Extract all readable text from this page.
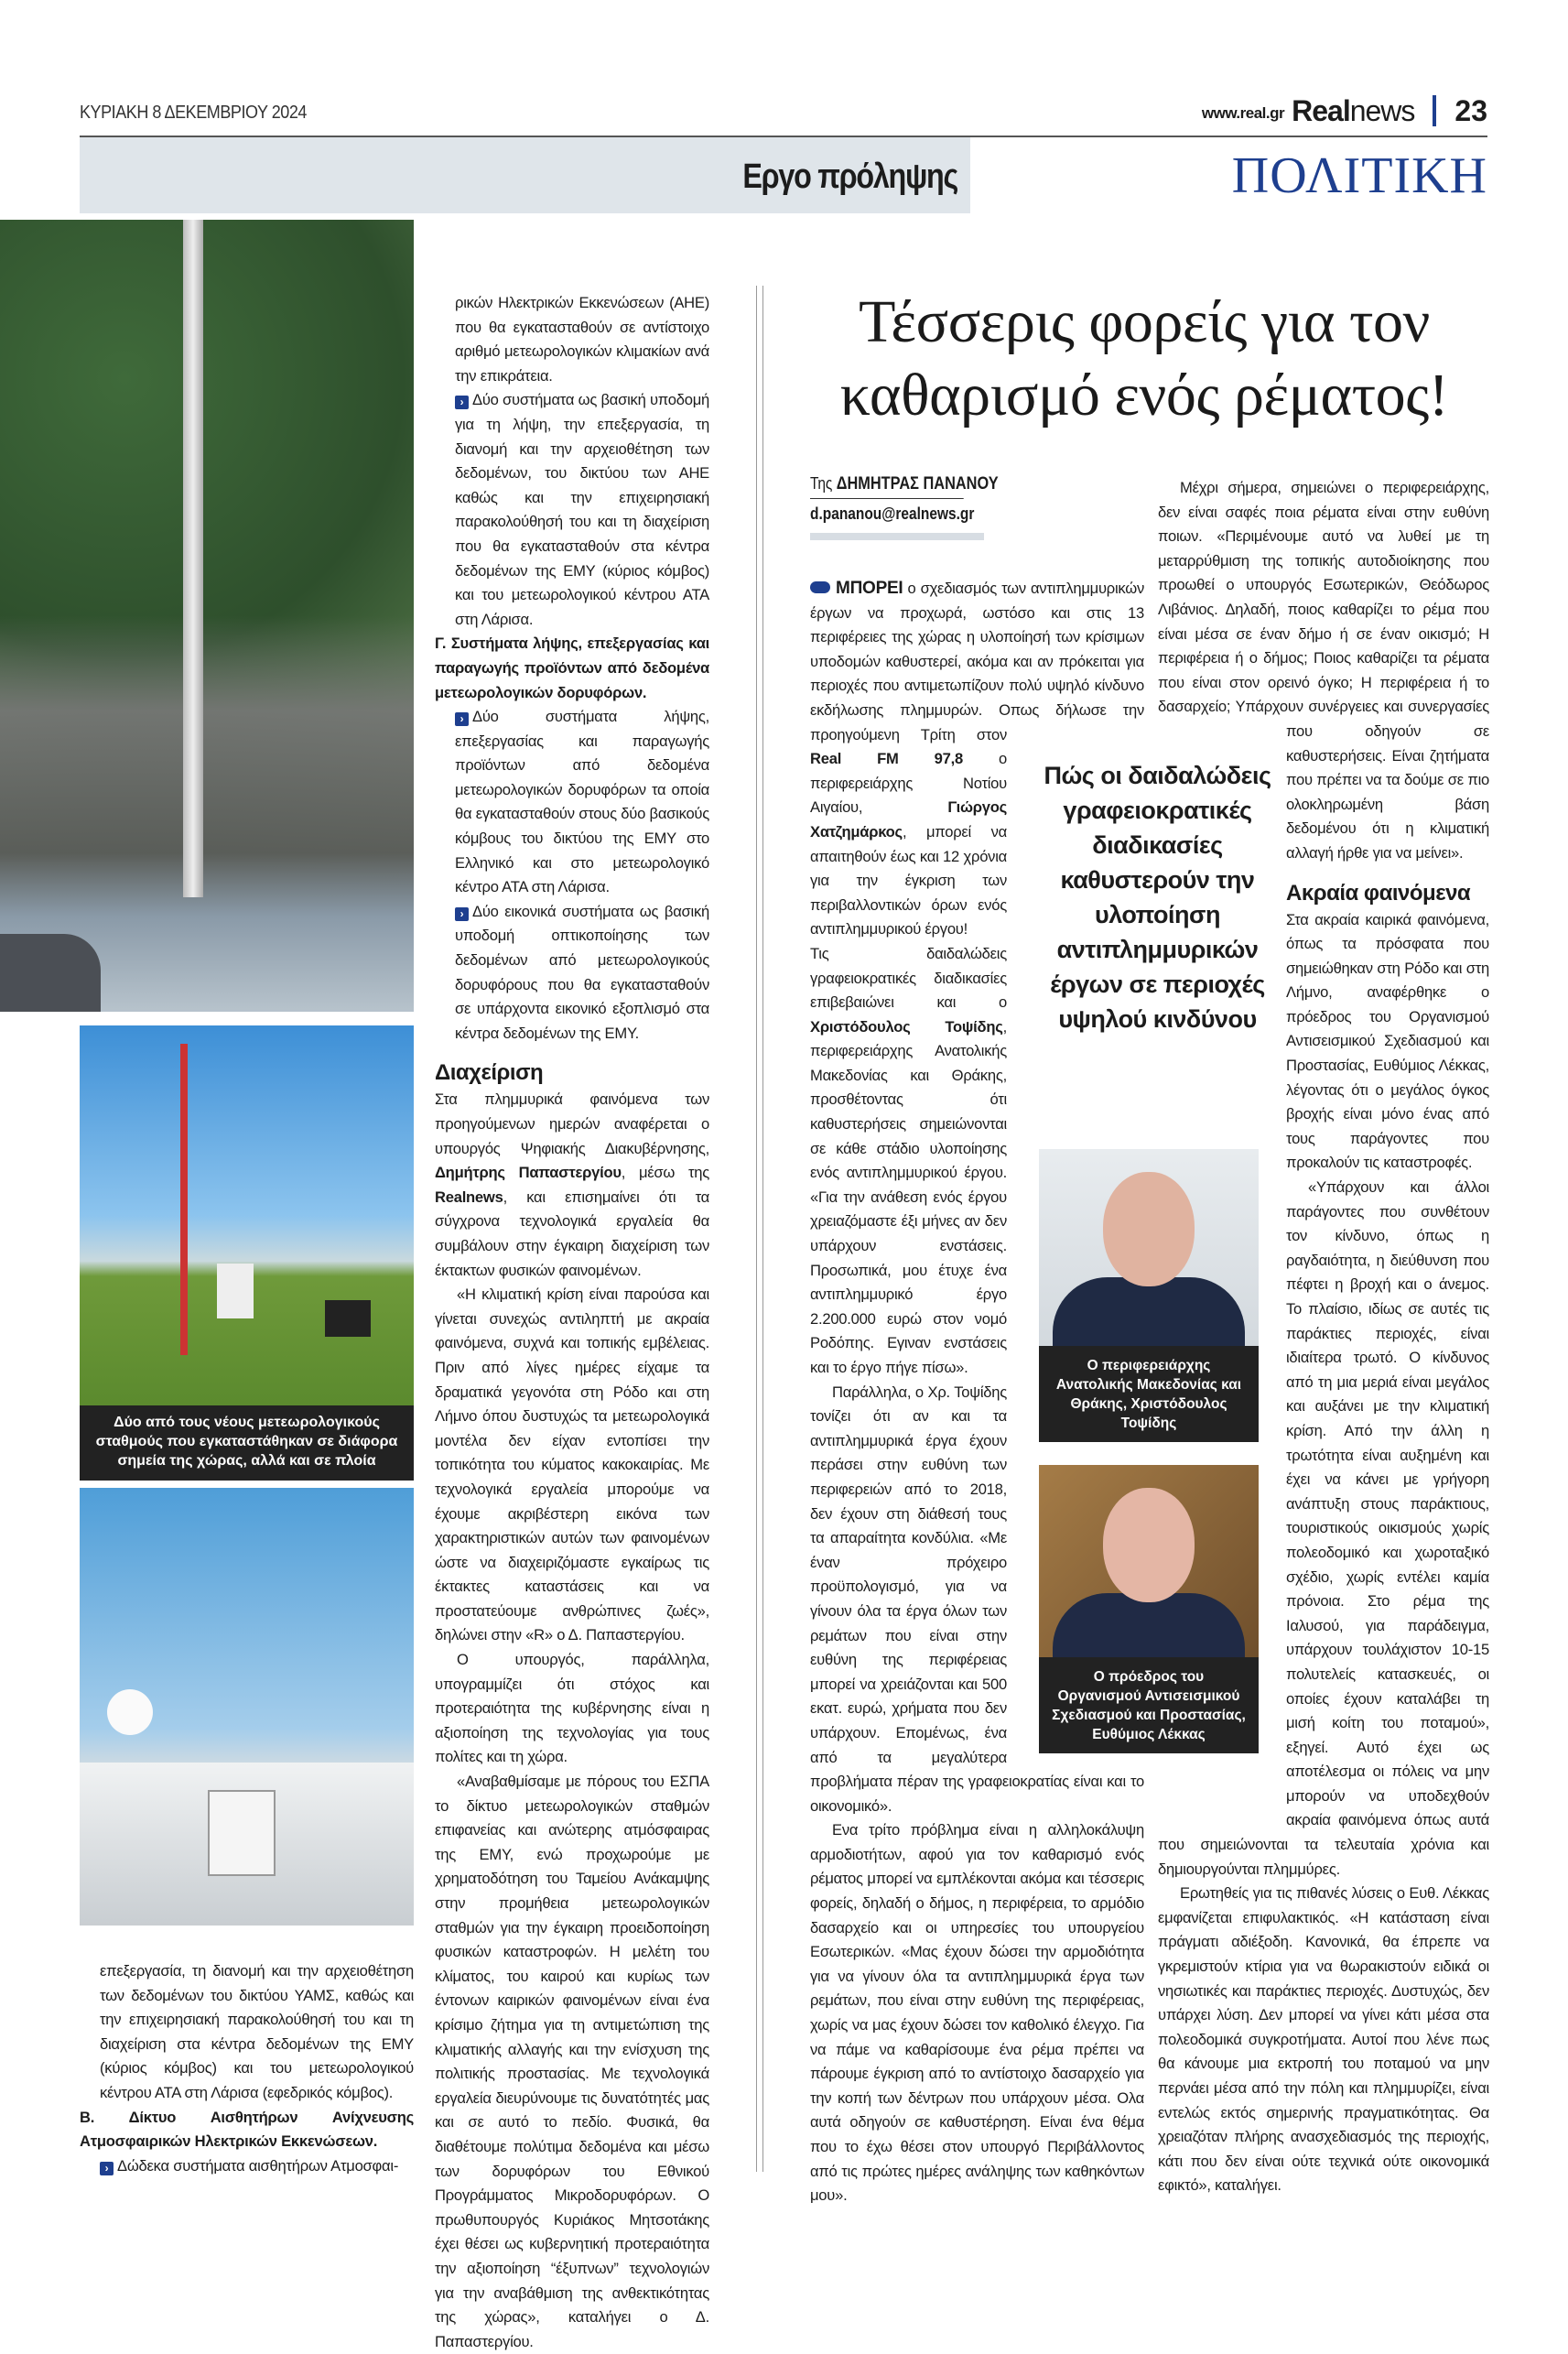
ΚΥΡΙΑΚΗ 8 ΔΕΚΕΜΒΡΙΟΥ 2024	www.real.gr Realnews 23
Εργο πρόληψης	ΠΟΛΙΤΙΚΗ
Δύο από τους νέους μετεωρολογικούς σταθμούς που εγκαταστάθηκαν σε διάφορα σημεία της χώρας, αλλά και σε πλοία

επεξεργασία, τη διανομή και την αρχειοθέτηση των δεδομένων του δικτύου ΥΑΜΣ, καθώς και την επιχειρησιακή παρακολούθησή του και τη διαχείριση στα κέντρα δεδομένων της ΕΜΥ (κύριος κόμβος) και του μετεωρολογικού κέντρου ΑΤΑ στη Λάρισα (εφεδρικός κόμβος).

Β. Δίκτυο Αισθητήρων Ανίχνευσης Ατμοσφαιρικών Ηλεκτρικών Εκκενώσεων.

› Δώδεκα συστήματα αισθητήρων Ατμοσφαι-

ρικών Ηλεκτρικών Εκκενώσεων (ΑΗΕ) που θα εγκατασταθούν σε αντίστοιχο αριθμό μετεωρολογικών κλιμακίων ανά την επικράτεια.

› Δύο συστήματα ως βασική υποδομή για τη λήψη, την επεξεργασία, τη διανομή και την αρχειοθέτηση των δεδομένων, του δικτύου των ΑΗΕ καθώς και την επιχειρησιακή παρακολούθησή του και τη διαχείριση που θα εγκατασταθούν στα κέντρα δεδομένων της ΕΜΥ (κύριος κόμβος) και του μετεωρολογικού κέντρου ΑΤΑ στη Λάρισα.

Γ. Συστήματα λήψης, επεξεργασίας και παραγωγής προϊόντων από δεδομένα μετεωρολογικών δορυφόρων.

› Δύο συστήματα λήψης, επεξεργασίας και παραγωγής προϊόντων από δεδομένα μετεωρολογικών δορυφόρων τα οποία θα εγκατασταθούν στους δύο βασικούς κόμβους του δικτύου της ΕΜΥ στο Ελληνικό και στο μετεωρολογικό κέντρο ΑΤΑ στη Λάρισα.

› Δύο εικονικά συστήματα ως βασική υποδομή οπτικοποίησης των δεδομένων από μετεωρολογικούς δορυφόρους που θα εγκατασταθούν σε υπάρχοντα εικονικό εξοπλισμό στα κέντρα δεδομένων της ΕΜΥ.

Διαχείριση

Στα πλημμυρικά φαινόμενα των προηγούμενων ημερών αναφέρεται ο υπουργός Ψηφιακής Διακυβέρνησης, Δημήτρης Παπαστεργίου, μέσω της Realnews, και επισημαίνει ότι τα σύγχρονα τεχνολογικά εργαλεία θα συμβάλουν στην έγκαιρη διαχείριση των έκτακτων φυσικών φαινομένων.

«Η κλιματική κρίση είναι παρούσα και γίνεται συνεχώς αντιληπτή με ακραία φαινόμενα, συχνά και τοπικής εμβέλειας. Πριν από λίγες ημέρες είχαμε τα δραματικά γεγονότα στη Ρόδο και στη Λήμνο όπου δυστυχώς τα μετεωρολογικά μοντέλα δεν είχαν εντοπίσει την τοπικότητα του κύματος κακοκαιρίας. Με τεχνολογικά εργαλεία μπορούμε να έχουμε ακριβέστερη εικόνα των χαρακτηριστικών αυτών των φαινομένων ώστε να διαχειριζόμαστε εγκαίρως τις έκτακτες καταστάσεις και να προστατεύουμε ανθρώπινες ζωές», δηλώνει στην «R» ο Δ. Παπαστεργίου.

Ο υπουργός, παράλληλα, υπογραμμίζει ότι στόχος και προτεραιότητα της κυβέρνησης είναι η αξιοποίηση της τεχνολογίας για τους πολίτες και τη χώρα.

«Αναβαθμίσαμε με πόρους του ΕΣΠΑ το δίκτυο μετεωρολογικών σταθμών επιφανείας και ανώτερης ατμόσφαιρας της ΕΜΥ, ενώ προχωρούμε με χρηματοδότηση του Ταμείου Ανάκαμψης στην προμήθεια μετεωρολογικών σταθμών για την έγκαιρη προειδοποίηση φυσικών καταστροφών. Η μελέτη του κλίματος, του καιρού και κυρίως των έντονων καιρικών φαινομένων είναι ένα κρίσιμο ζήτημα για τη αντιμετώπιση της κλιματικής αλλαγής και την ενίσχυση της πολιτικής προστασίας. Με τεχνολογικά εργαλεία διευρύνουμε τις δυνατότητές μας και σε αυτό το πεδίο. Φυσικά, θα διαθέτουμε πολύτιμα δεδομένα και μέσω των δορυφόρων του Εθνικού Προγράμματος Μικροδορυφόρων. Ο πρωθυπουργός Κυριάκος Μητσοτάκης έχει θέσει ως κυβερνητική προτεραιότητα την αξιοποίηση “έξυπνων” τεχνολογιών για την αναβάθμιση της ανθεκτικότητας της χώρας», καταλήγει ο Δ. Παπαστεργίου.

Τέσσερις φορείς για τον
καθαρισμό ενός ρέματος!
Της ΔΗΜΗΤΡΑΣ ΠΑΝΑΝΟΥ
d.pananou@realnews.gr

ΜΠΟΡΕΙ ο σχεδιασμός των αντιπλημμυρικών έργων να προχωρά, ωστόσο και στις 13 περιφέρειες της χώρας η υλοποίησή των κρίσιμων υποδομών καθυστερεί, ακόμα και αν πρόκειται για περιοχές που αντιμετωπίζουν πολύ υψηλό κίνδυνο εκδήλωσης πλημμυρών. Οπως δήλωσε την προηγούμενη Τρίτη στον Real FM 97,8 ο περιφερειάρχης Νοτίου Αιγαίου, Γιώργος Χατζημάρκος, μπορεί να απαιτηθούν έως και 12 χρόνια για την έγκριση των περιβαλλοντικών όρων ενός αντιπλημμυρικού έργου!

Τις δαιδαλώδεις γραφειοκρατικές διαδικασίες επιβεβαιώνει και ο Χριστόδουλος Τοψίδης, περιφερειάρχης Ανατολικής Μακεδονίας και Θράκης, προσθέτοντας ότι καθυστερήσεις σημειώνονται σε κάθε στάδιο υλοποίησης ενός αντιπλημμυρικού έργου. «Για την ανάθεση ενός έργου χρειαζόμαστε έξι μήνες αν δεν υπάρχουν ενστάσεις. Προσωπικά, μου έτυχε ένα αντιπλημμυρικό έργο 2.200.000 ευρώ στον νομό Ροδόπης. Εγιναν ενστάσεις και το έργο πήγε πίσω».

Παράλληλα, ο Χρ. Τοψίδης τονίζει ότι αν και τα αντιπλημμυρικά έργα έχουν περάσει στην ευθύνη των περιφερειών από το 2018, δεν έχουν στη διάθεσή τους τα απαραίτητα κονδύλια. «Με έναν πρόχειρο προϋπολογισμό, για να γίνουν όλα τα έργα όλων των ρεμάτων που είναι στην ευθύνη της περιφέρειας μπορεί να χρειάζονται και 500 εκατ. ευρώ, χρήματα που δεν υπάρχουν. Επομένως, ένα από τα μεγαλύτερα προβλήματα πέραν της γραφειοκρατίας είναι και το οικονομικό».

Ενα τρίτο πρόβλημα είναι η αλληλοκάλυψη αρμοδιοτήτων, αφού για τον καθαρισμό ενός ρέματος μπορεί να εμπλέκονται ακόμα και τέσσερις φορείς, δηλαδή ο δήμος, η περιφέρεια, το αρμόδιο δασαρχείο και οι υπηρεσίες του υπουργείου Εσωτερικών. «Μας έχουν δώσει την αρμοδιότητα για να γίνουν όλα τα αντιπλημμυρικά έργα των ρεμάτων, που είναι στην ευθύνη της περιφέρειας, χωρίς να μας έχουν δώσει τον καθολικό έλεγχο. Για να πάμε να καθαρίσουμε ένα ρέμα πρέπει να πάρουμε έγκριση από το αντίστοιχο δασαρχείο για την κοπή των δέντρων που υπάρχουν μέσα. Ολα αυτά οδηγούν σε καθυστέρηση. Είναι ένα θέμα που το έχω θέσει στον υπουργό Περιβάλλοντος από τις πρώτες ημέρες ανάληψης των καθηκόντων μου».

Μέχρι σήμερα, σημειώνει ο περιφερειάρχης, δεν είναι σαφές ποια ρέματα είναι στην ευθύνη ποιων. «Περιμένουμε αυτό να λυθεί με τη μεταρρύθμιση της τοπικής αυτοδιοίκησης που προωθεί ο υπουργός Εσωτερικών, Θεόδωρος Λιβάνιος. Δηλαδή, ποιος καθαρίζει το ρέμα που είναι μέσα σε έναν δήμο ή σε έναν οικισμό; Η περιφέρεια ή ο δήμος; Ποιος καθαρίζει τα ρέματα που είναι στον ορεινό όγκο; Η περιφέρεια ή το δασαρχείο; Υπάρχουν συνέργειες και συνεργασίες που οδηγούν σε καθυστερήσεις. Είναι ζητήματα που πρέπει να τα δούμε σε πιο ολοκληρωμένη βάση δεδομένου ότι η κλιματική αλλαγή ήρθε για να μείνει».

Ακραία φαινόμενα

Στα ακραία καιρικά φαινόμενα, όπως τα πρόσφατα που σημειώθηκαν στη Ρόδο και στη Λήμνο, αναφέρθηκε ο πρόεδρος του Οργανισμού Αντισεισμικού Σχεδιασμού και Προστασίας, Ευθύμιος Λέκκας, λέγοντας ότι ο μεγάλος όγκος βροχής είναι μόνο ένας από τους παράγοντες που προκαλούν τις καταστροφές.

«Υπάρχουν και άλλοι παράγοντες που συνθέτουν τον κίνδυνο, όπως η ραγδαιότητα, η διεύθυνση που πέφτει η βροχή και ο άνεμος. Το πλαίσιο, ιδίως σε αυτές τις παράκτιες περιοχές, είναι ιδιαίτερα τρωτό. Ο κίνδυνος από τη μια μεριά είναι μεγάλος και αυξάνει με την κλιματική κρίση. Από την άλλη η τρωτότητα είναι αυξημένη και έχει να κάνει με γρήγορη ανάπτυξη στους παράκτιους, τουριστικούς οικισμούς χωρίς πολεοδομικό και χωροταξικό σχέδιο, χωρίς εντέλει καμία πρόνοια. Στο ρέμα της Ιαλυσού, για παράδειγμα, υπάρχουν τουλάχιστον 10-15 πολυτελείς κατασκευές, οι οποίες έχουν καταλάβει τη μισή κοίτη του ποταμού», εξηγεί. Αυτό έχει ως αποτέλεσμα οι πόλεις να μην μπορούν να υποδεχθούν ακραία φαινόμενα όπως αυτά που σημειώνονται τα τελευταία χρόνια και δημιουργούνται πλημμύρες.

Ερωτηθείς για τις πιθανές λύσεις ο Ευθ. Λέκκας εμφανίζεται επιφυλακτικός. «Η κατάσταση είναι πράγματι αδιέξοδη. Κανονικά, θα έπρεπε να γκρεμιστούν κτίρια για να θωρακιστούν ειδικά οι νησιωτικές και παράκτιες περιοχές. Δυστυχώς, δεν υπάρχει λύση. Δεν μπορεί να γίνει κάτι μέσα στα πολεοδομικά συγκροτήματα. Αυτοί που λένε πως θα κάνουμε μια εκτροπή του ποταμού να μην περνάει μέσα από την πόλη και πλημμυρίζει, είναι εντελώς εκτός σημερινής πραγματικότητας. Θα χρειαζόταν πλήρης ανασχεδιασμός της περιοχής, κάτι που δεν είναι ούτε τεχνικά ούτε οικονομικά εφικτό», καταλήγει.

Πώς οι δαιδαλώδεις γραφειοκρατικές διαδικασίες καθυστερούν την υλοποίηση αντιπλημμυρικών έργων σε περιοχές υψηλού κινδύνου
Ο περιφερειάρχης Ανατολικής Μακεδονίας και Θράκης, Χριστόδουλος Τοψίδης
Ο πρόεδρος του Οργανισμού Αντισεισμικού Σχεδιασμού και Προστασίας, Ευθύμιος Λέκκας
